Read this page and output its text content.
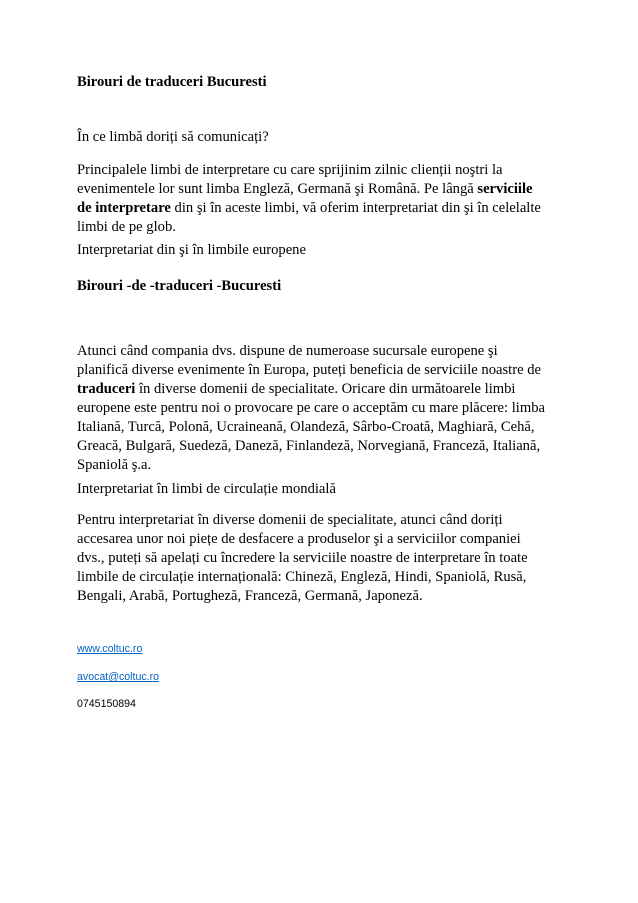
Birouri de traduceri Bucuresti
În ce limbă doriți să comunicați?
Principalele limbi de interpretare cu care sprijinim zilnic clienții noştri la
evenimentele lor sunt limba Engleză, Germană şi Română. Pe lângă serviciile
de interpretare din şi în aceste limbi, vă oferim interpretariat din şi în celelalte
limbi de pe glob.
Interpretariat din şi în limbile europene
Birouri -de -traduceri -Bucuresti
Atunci când compania dvs. dispune de numeroase sucursale europene şi
planifică diverse evenimente în Europa, puteți beneficia de serviciile noastre de
traduceri în diverse domenii de specialitate. Oricare din următoarele limbi
europene este pentru noi o provocare pe care o acceptăm cu mare plăcere: limba
Italiană, Turcă, Polonă, Ucraineană, Olandeză, Sârbo-Croată, Maghiară, Cehă,
Greacă, Bulgară, Suedeză, Daneză, Finlandeză, Norvegiană, Franceză, Italiană,
Spaniolă ş.a.
Interpretariat în limbi de circulație mondială
Pentru interpretariat în diverse domenii de specialitate, atunci când doriți
accesarea unor noi piețe de desfacere a produselor şi a serviciilor companiei
dvs., puteți să apelați cu încredere la serviciile noastre de interpretare în toate
limbile de circulație internațională: Chineză, Engleză, Hindi, Spaniolă, Rusă,
Bengali, Arabă, Portugheză, Franceză, Germană, Japoneză.
www.coltuc.ro
avocat@coltuc.ro
0745150894
